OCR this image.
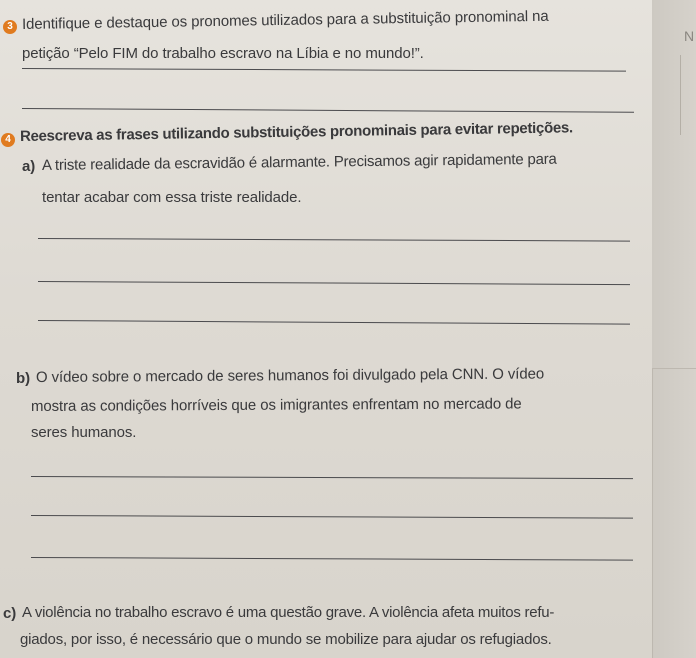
N
3 Identifique e destaque os pronomes utilizados para a substituição pronominal na
petição “Pelo FIM do trabalho escravo na Líbia e no mundo!”.
4 Reescreva as frases utilizando substituições pronominais para evitar repetições.
a) A triste realidade da escravidão é alarmante. Precisamos agir rapidamente para
tentar acabar com essa triste realidade.
b) O vídeo sobre o mercado de seres humanos foi divulgado pela CNN. O vídeo
mostra as condições horríveis que os imigrantes enfrentam no mercado de
seres humanos.
c) A violência no trabalho escravo é uma questão grave. A violência afeta muitos refu-
giados, por isso, é necessário que o mundo se mobilize para ajudar os refugiados.
